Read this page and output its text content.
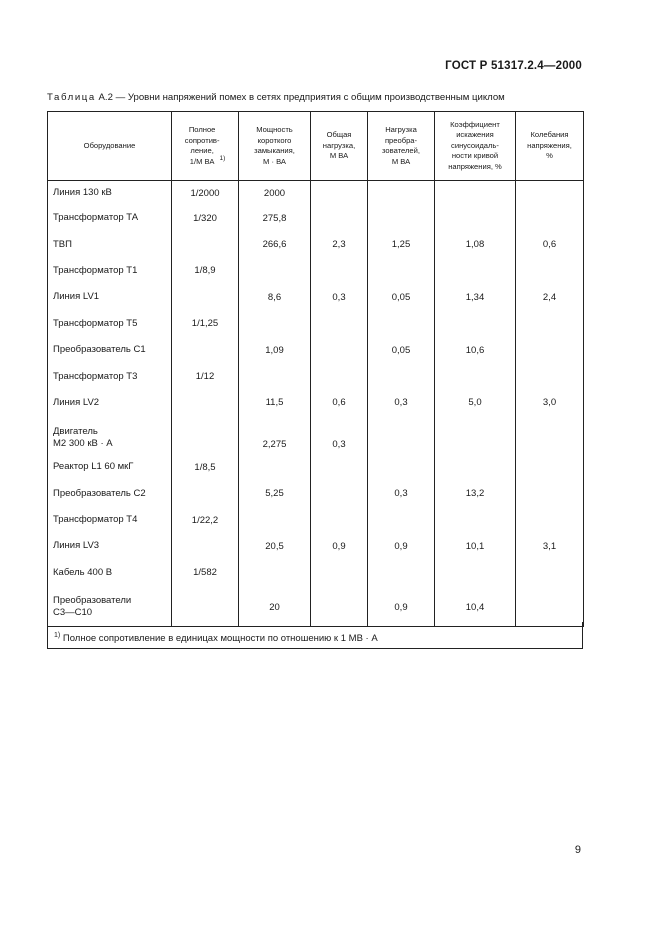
ГОСТ Р 51317.2.4—2000
Таблица А.2 — Уровни напряжений помех в сетях предприятия с общим производственным циклом
Оборудование	Полное
сопротив-
ление,
1/М ВА $^{1)}$	Мощность
короткого
замыкания,
М · ВА	Общая
нагрузка,
М ВА	Нагрузка
преобра-
зователей,
М ВА	Коэффициент
искажения
синусоидаль-
ности кривой
напряжения, %	Колебания
напряжения,
%
Линия 130 кВ	1/2000	2000				
Трансформатор ТА	1/320	275,8				
ТВП		266,6	2,3	1,25	1,08	0,6
Трансформатор Т1	1/8,9					
Линия LV1		8,6	0,3	0,05	1,34	2,4
Трансформатор Т5	1/1,25					
Преобразователь С1		1,09		0,05	10,6	
Трансформатор Т3	1/12					
Линия LV2		11,5	0,6	0,3	5,0	3,0
Двигатель
М2 300 кВ · А		2,275	0,3			
Реактор L1 60 мкГ	1/8,5					
Преобразователь С2		5,25		0,3	13,2	
Трансформатор Т4	1/22,2					
Линия LV3		20,5	0,9	0,9	10,1	3,1
Кабель 400 В	1/582					
Преобразователи
С3—С10		20		0,9	10,4	
$^{1)}$ Полное сопротивление в единицах мощности по отношению к 1 МВ · А
9
